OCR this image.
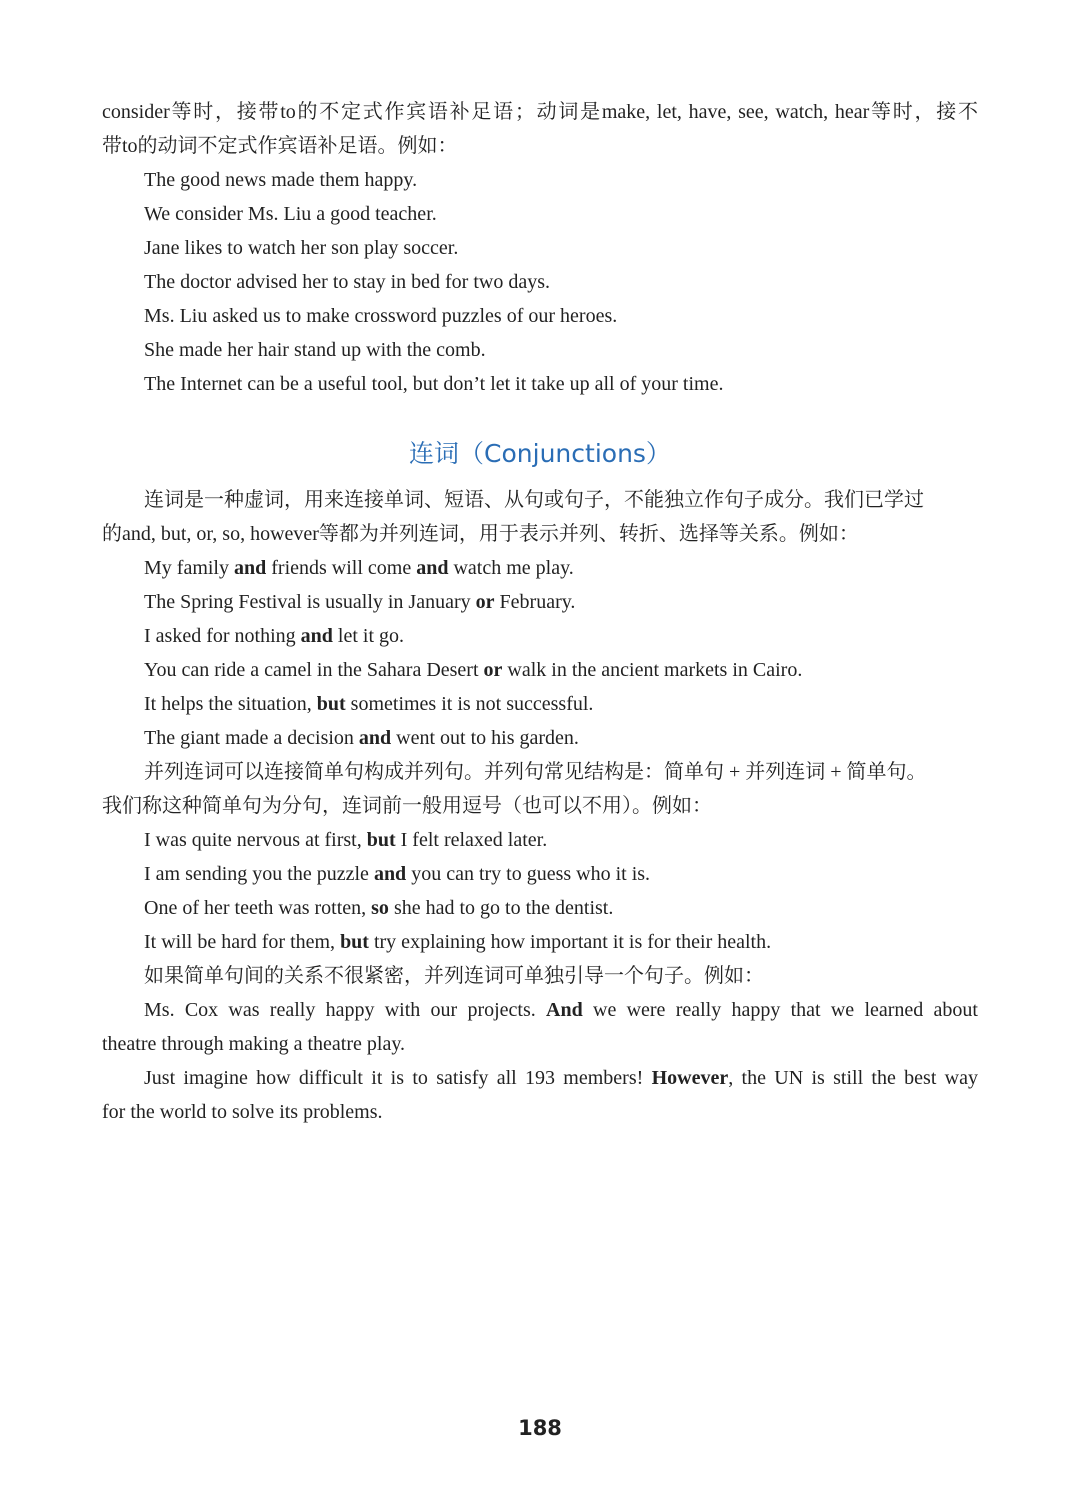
consider等时，接带to的不定式作宾语补足语；动词是make, let, have, see, watch, hear等时，接不
带to的动词不定式作宾语补足语。例如：
The good news made them happy.
We consider Ms. Liu a good teacher.
Jane likes to watch her son play soccer.
The doctor advised her to stay in bed for two days.
Ms. Liu asked us to make crossword puzzles of our heroes.
She made her hair stand up with the comb.
The Internet can be a useful tool, but don’t let it take up all of your time.
连词（Conjunctions）
连词是一种虚词，用来连接单词、短语、从句或句子，不能独立作句子成分。我们已学过
的and, but, or, so, however等都为并列连词，用于表示并列、转折、选择等关系。例如：
My family and friends will come and watch me play.
The Spring Festival is usually in January or February.
I asked for nothing and let it go.
You can ride a camel in the Sahara Desert or walk in the ancient markets in Cairo.
It helps the situation, but sometimes it is not successful.
The giant made a decision and went out to his garden.
并列连词可以连接简单句构成并列句。并列句常见结构是：简单句 + 并列连词 + 简单句。
我们称这种简单句为分句，连词前一般用逗号（也可以不用）。例如：
I was quite nervous at first, but I felt relaxed later.
I am sending you the puzzle and you can try to guess who it is.
One of her teeth was rotten, so she had to go to the dentist.
It will be hard for them, but try explaining how important it is for their health.
如果简单句间的关系不很紧密，并列连词可单独引导一个句子。例如：
Ms. Cox was really happy with our projects. And we were really happy that we learned about
theatre through making a theatre play.
Just imagine how difficult it is to satisfy all 193 members! However, the UN is still the best way
for the world to solve its problems.
188
